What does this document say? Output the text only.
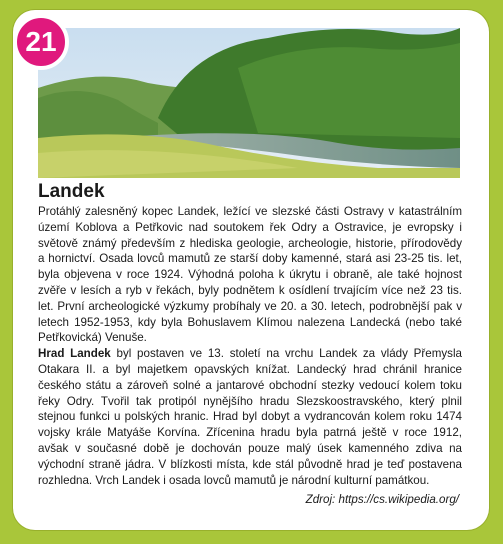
21
Landek

Protáhlý zalesněný kopec Landek, ležící ve slezské části Ostravy v katastrálním území Koblova a Petřkovic nad soutokem řek Odry a Ostravice, je evropsky i světově známý především z hlediska geologie, archeologie, historie, přírodovědy a hornictví. Osada lovců mamutů ze starší doby kamenné, stará asi 23-25 tis. let, byla objevena v roce 1924. Výhodná poloha k úkrytu i obraně, ale také hojnost zvěře v lesích a ryb v řekách, byly podnětem k osídlení trvajícím více než 23 tis. let. První archeologické výzkumy probíhaly ve 20. a 30. letech, podrobnější pak v letech 1952-1953, kdy byla Bohuslavem Klímou nalezena Landecká (nebo také Petřkovická) Venuše.

Hrad Landek byl postaven ve 13. století na vrchu Landek za vlády Přemysla Otakara II. a byl majetkem opavských knížat. Landecký hrad chránil hranice českého státu a zároveň solné a jantarové obchodní stezky vedoucí kolem toku řeky Odry. Tvořil tak protipól nynějšího hradu Slezskoostravského, který plnil stejnou funkci u polských hranic. Hrad byl dobyt a vydrancován kolem roku 1474 vojsky krále Matyáše Korvína. Zřícenina hradu byla patrná ještě v roce 1912, avšak v současné době je dochován pouze malý úsek kamenného zdiva na východní straně jádra. V blízkosti místa, kde stál původně hrad je teď postavena rozhledna. Vrch Landek i osada lovců mamutů je národní kulturní památkou.

Zdroj: https://cs.wikipedia.org/
